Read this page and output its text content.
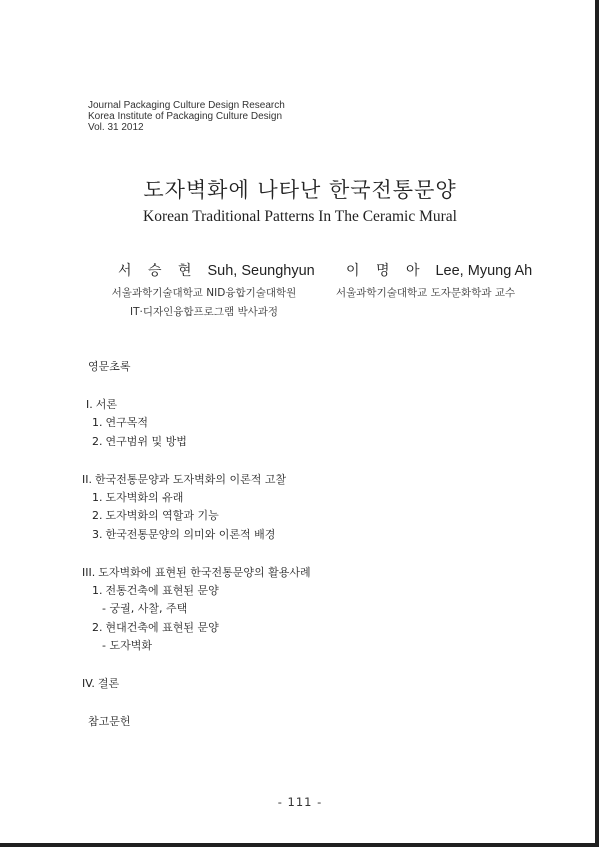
Journal Packaging Culture Design Research
Korea Institute of Packaging Culture Design
Vol. 31 2012
도자벽화에 나타난 한국전통문양
Korean Traditional Patterns In The Ceramic Mural
서 승 현 Suh, Seunghyun
서울과학기술대학교 NID융합기술대학원
IT·디자인융합프로그램 박사과정
이 명 아 Lee, Myung Ah
서울과학기술대학교 도자문화학과 교수
영문초록
Ⅰ. 서론
1. 연구목적
2. 연구범위 및 방법
II. 한국전통문양과 도자벽화의 이론적 고찰
1. 도자벽화의 유래
2. 도자벽화의 역할과 기능
3. 한국전통문양의 의미와 이론적 배경
III. 도자벽화에 표현된 한국전통문양의 활용사례
1. 전통건축에 표현된 문양
- 궁궐, 사찰, 주택
2. 현대건축에 표현된 문양
- 도자벽화
IV. 결론
참고문헌
- 111 -
